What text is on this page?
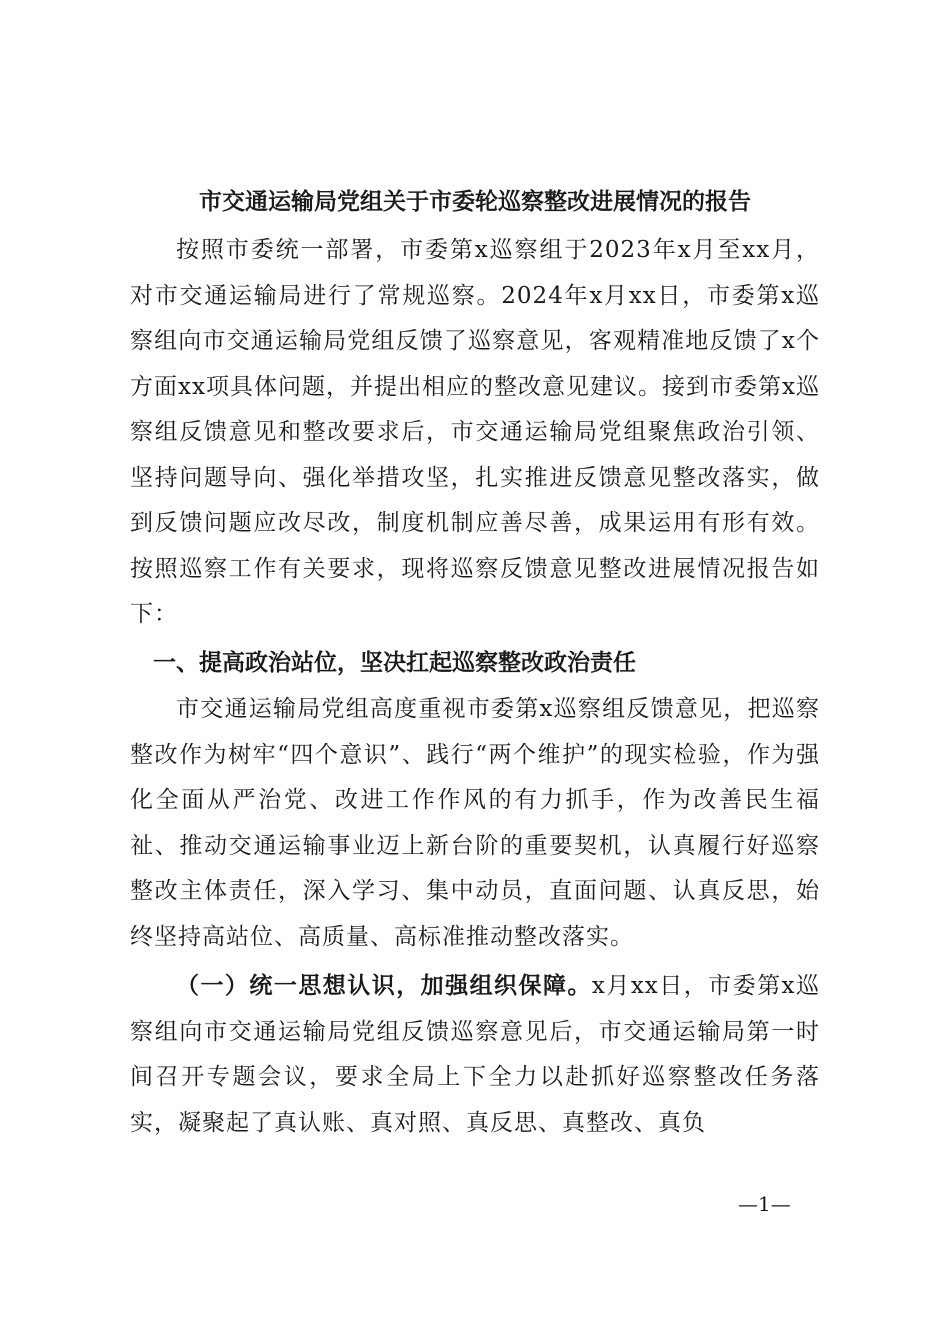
市交通运输局党组关于市委轮巡察整改进展情况的报告

按照市委统一部署，市委第x巡察组于2023年x月至xx月，对市交通运输局进行了常规巡察。2024年x月xx日，市委第x巡察组向市交通运输局党组反馈了巡察意见，客观精准地反馈了x个方面xx项具体问题，并提出相应的整改意见建议。接到市委第x巡察组反馈意见和整改要求后，市交通运输局党组聚焦政治引领、坚持问题导向、强化举措攻坚，扎实推进反馈意见整改落实，做到反馈问题应改尽改，制度机制应善尽善，成果运用有形有效。按照巡察工作有关要求，现将巡察反馈意见整改进展情况报告如下：

一、提高政治站位，坚决扛起巡察整改政治责任

市交通运输局党组高度重视市委第x巡察组反馈意见，把巡察整改作为树牢“四个意识”、践行“两个维护”的现实检验，作为强化全面从严治党、改进工作作风的有力抓手，作为改善民生福祉、推动交通运输事业迈上新台阶的重要契机，认真履行好巡察整改主体责任，深入学习、集中动员，直面问题、认真反思，始终坚持高站位、高质量、高标准推动整改落实。

（一）统一思想认识，加强组织保障。x月xx日，市委第x巡察组向市交通运输局党组反馈巡察意见后，市交通运输局第一时间召开专题会议，要求全局上下全力以赴抓好巡察整改任务落实，凝聚起了真认账、真对照、真反思、真整改、真负

—1—
